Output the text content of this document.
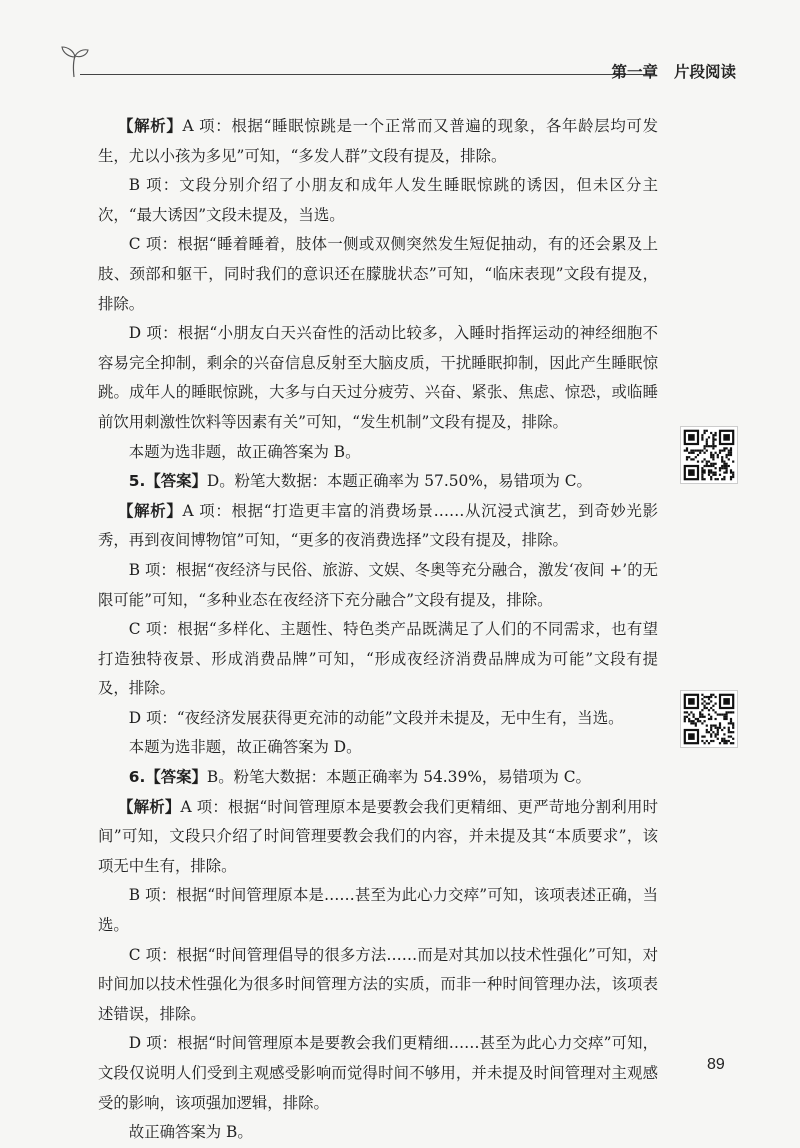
第一章 片段阅读

【解析】A 项：根据“睡眠惊跳是一个正常而又普遍的现象，各年龄层均可发生，尤以小孩为多见”可知，“多发人群”文段有提及，排除。

B 项：文段分别介绍了小朋友和成年人发生睡眠惊跳的诱因，但未区分主次，“最大诱因”文段未提及，当选。

C 项：根据“睡着睡着，肢体一侧或双侧突然发生短促抽动，有的还会累及上肢、颈部和躯干，同时我们的意识还在朦胧状态”可知，“临床表现”文段有提及，排除。

D 项：根据“小朋友白天兴奋性的活动比较多，入睡时指挥运动的神经细胞不容易完全抑制，剩余的兴奋信息反射至大脑皮质，干扰睡眠抑制，因此产生睡眠惊跳。成年人的睡眠惊跳，大多与白天过分疲劳、兴奋、紧张、焦虑、惊恐，或临睡前饮用刺激性饮料等因素有关”可知，“发生机制”文段有提及，排除。

本题为选非题，故正确答案为 B。

5.【答案】D。粉笔大数据：本题正确率为 57.50%，易错项为 C。

【解析】A 项：根据“打造更丰富的消费场景……从沉浸式演艺，到奇妙光影秀，再到夜间博物馆”可知，“更多的夜消费选择”文段有提及，排除。

B 项：根据“夜经济与民俗、旅游、文娱、冬奥等充分融合，激发‘夜间 +’的无限可能”可知，“多种业态在夜经济下充分融合”文段有提及，排除。

C 项：根据“多样化、主题性、特色类产品既满足了人们的不同需求，也有望打造独特夜景、形成消费品牌”可知，“形成夜经济消费品牌成为可能”文段有提及，排除。

D 项：“夜经济发展获得更充沛的动能”文段并未提及，无中生有，当选。

本题为选非题，故正确答案为 D。

6.【答案】B。粉笔大数据：本题正确率为 54.39%，易错项为 C。

【解析】A 项：根据“时间管理原本是要教会我们更精细、更严苛地分割利用时间”可知，文段只介绍了时间管理要教会我们的内容，并未提及其“本质要求”，该项无中生有，排除。

B 项：根据“时间管理原本是……甚至为此心力交瘁”可知，该项表述正确，当选。

C 项：根据“时间管理倡导的很多方法……而是对其加以技术性强化”可知，对时间加以技术性强化为很多时间管理方法的实质，而非一种时间管理办法，该项表述错误，排除。

D 项：根据“时间管理原本是要教会我们更精细……甚至为此心力交瘁”可知，文段仅说明人们受到主观感受影响而觉得时间不够用，并未提及时间管理对主观感受的影响，该项强加逻辑，排除。

故正确答案为 B。

89
